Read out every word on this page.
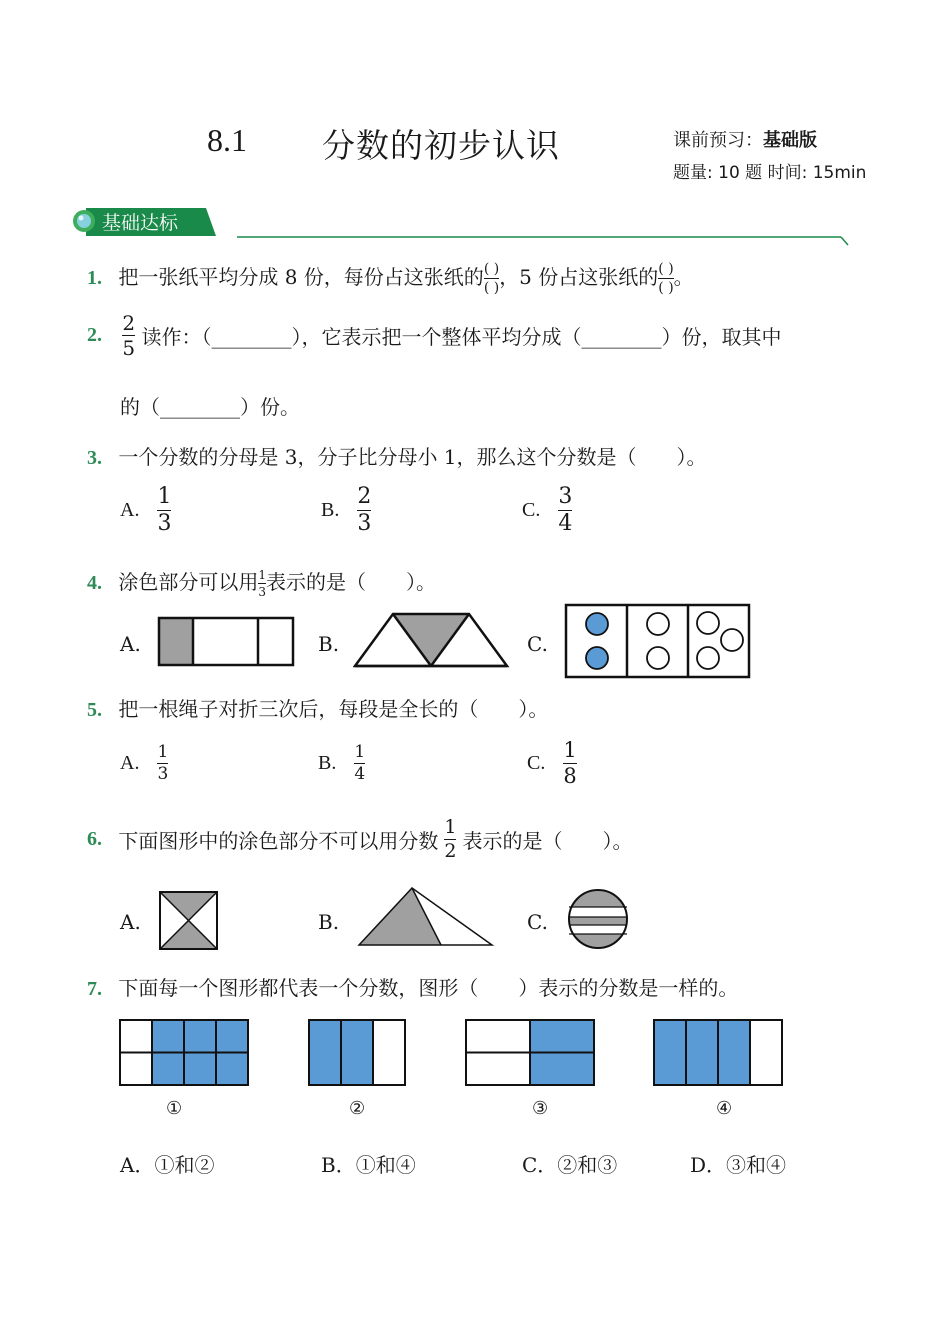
8.1 分数的初步认识	课前预习：基础版
题量: 10 题 时间: 15min
基础达标
1. 把一张纸平均分成 8 份，每份占这张纸的 $\frac{( )}{( )}$ ，5 份占这张纸的 $\frac{( )}{( )}$ 。
2. $\frac{2}{5}$ 读作：（________），它表示把一个整体平均分成（________）份，取其中
的（________）份。
3. 一个分数的分母是 3，分子比分母小 1，那么这个分数是（　　）。
A. $\frac{1}{3}$	B. $\frac{2}{3}$	C. $\frac{3}{4}$
4. 涂色部分可以用 $\frac{1}{3}$ 表示的是（　　）。
A.	B.	C.
5. 把一根绳子对折三次后，每段是全长的（　　）。
A. $\frac{1}{3}$	B. $\frac{1}{4}$	C. $\frac{1}{8}$
6. 下面图形中的涂色部分不可以用分数 $\frac{1}{2}$ 表示的是（　　）。
A.	B.	C.
7. 下面每一个图形都代表一个分数，图形（　　）表示的分数是一样的。
①	②	③	④
A．①和②	B．①和④	C．②和③	D．③和④
